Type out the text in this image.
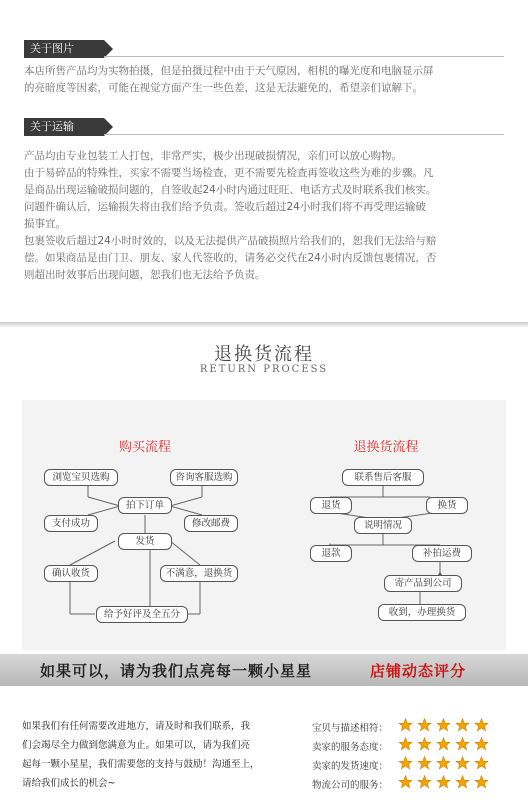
关于图片

本店所售产品均为实物拍摄，但是拍摄过程中由于天气原因，相机的曝光度和电脑显示屏

的亮暗度等因素，可能在视觉方面产生一些色差，这是无法避免的，希望亲们谅解下。

关于运输

产品均由专业包装工人打包，非常严实，极少出现破损情况，亲们可以放心购物。

由于易碎品的特殊性，买家不需要当场检查，更不需要先检查再签收这些为难的步骤。凡

是商品出现运输破损问题的，自签收起24小时内通过旺旺、电话方式及时联系我们核实。

问题件确认后，运输损失将由我们给予负责。签收后超过24小时我们将不再受理运输破

损事宜。

包裹签收后超过24小时时效的，以及无法提供产品破损照片给我们的，恕我们无法给与赔

偿。如果商品是由门卫、朋友、家人代签收的，请务必交代在24小时内反馈包裹情况，否

则超出时效事后出现问题，恕我们也无法给予负责。

退换货流程
RETURN PROCESS
购买流程
浏览宝贝选购	咨询客服选购
拍下订单
支付成功	修改邮费
发货
确认收货	不满意，退换货
给予好评及全五分
退换货流程
联系售后客服
退货	换货
说明情况
退款	补拍运费
寄产品到公司
收到，办理换货
如果可以，请为我们点亮每一颗小星星	店铺动态评分

如果我们有任何需要改进地方，请及时和我们联系，我

们会竭尽全力做到您满意为止。如果可以，请为我们亮

起每一颗小星星，我们需要您的支持与鼓励！沟通至上，

请给我们成长的机会~

宝贝与描述相符：
卖家的服务态度：
卖家的发货速度：
物流公司的服务：
